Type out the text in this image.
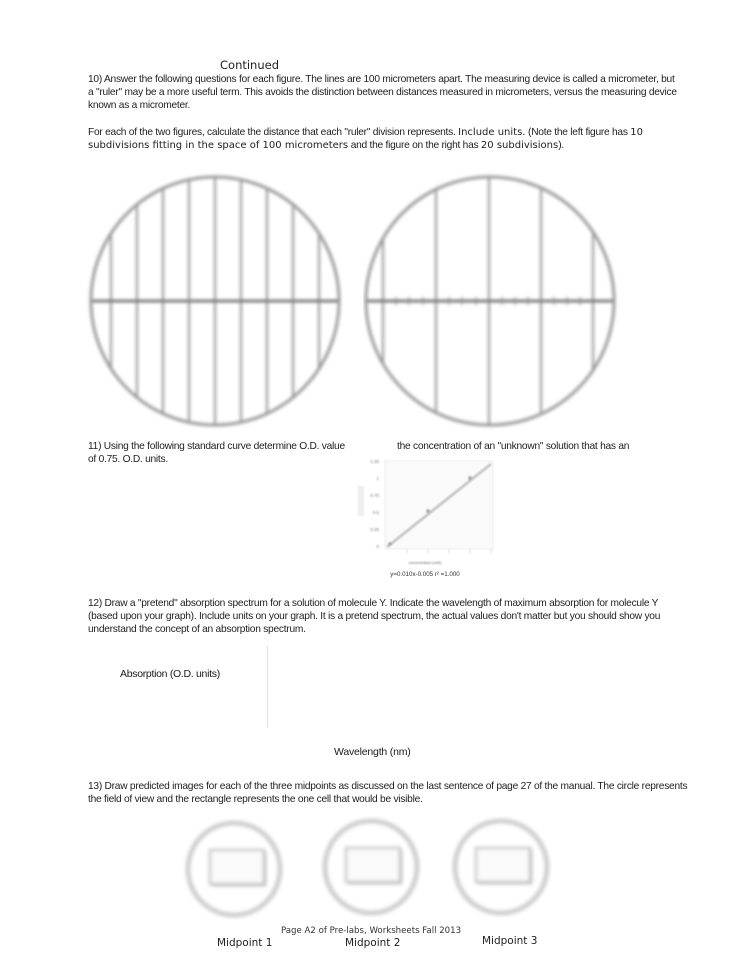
Continued
10) Answer the following questions for each figure. The lines are 100 micrometers apart. The measuring device is called a micrometer, but a "ruler" may be a more useful term. This avoids the distinction between distances measured in micrometers, versus the measuring device known as a micrometer.
For each of the two figures, calculate the distance that each "ruler" division represents. Include units. (Note the left figure has 10 subdivisions fitting in the space of 100 micrometers and the figure on the right has 20 subdivisions).
11) Using the following standard curve determine O.D. value of 0.75. O.D. units.
the concentration of an "unknown" solution that has an
1.25
1
0.75
0.5
0.25
0
concentration (mM)
y=0.010x-0.005 r² =1.000
12) Draw a "pretend" absorption spectrum for a solution of molecule Y. Indicate the wavelength of maximum absorption for molecule Y (based upon your graph). Include units on your graph. It is a pretend spectrum, the actual values don't matter but you should show you understand the concept of an absorption spectrum.
Absorption (O.D. units)
Wavelength (nm)
13) Draw predicted images for each of the three midpoints as discussed on the last sentence of page 27 of the manual. The circle represents the field of view and the rectangle represents the one cell that would be visible.
Page A2 of Pre-labs, Worksheets Fall 2013
Midpoint 1	Midpoint 2	Midpoint 3
